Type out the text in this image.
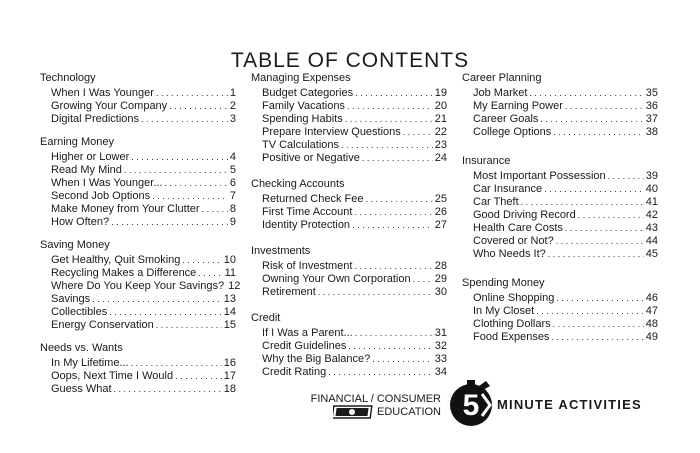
TABLE OF CONTENTS
Technology
When I Was Younger . . .	1
Growing Your Company . . .	2
Digital Predictions . . .	3
Earning Money
Higher or Lower . . .	4
Read My Mind . . .	5
When I Was Younger... . . .	6
Second Job Options . . .	7
Make Money from Your Clutter . . .	8
How Often? . . .	9
Saving Money
Get Healthy, Quit Smoking . . .	10
Recycling Makes a Difference . . .	11
Where Do You Keep Your Savings? 12
Savings . . .	13
Collectibles . . .	14
Energy Conservation . . .	15
Needs vs. Wants
In My Lifetime... . . .	16
Oops, Next Time I Would . . .	17
Guess What . . .	18
Managing Expenses
Budget Categories . . .	19
Family Vacations . . .	20
Spending Habits . . .	21
Prepare Interview Questions . . .	22
TV Calculations . . .	23
Positive or Negative . . .	24
Checking Accounts
Returned Check Fee . . .	25
First Time Account . . .	26
Identity Protection . . .	27
Investments
Risk of Investment . . .	28
Owning Your Own Corporation . . . 29
Retirement . . .	30
Credit
If I Was a Parent... . . .	31
Credit Guidelines . . .	32
Why the Big Balance? . . .	33
Credit Rating . . .	34
Career Planning
Job Market . . .	35
My Earning Power . . .	36
Career Goals . . .	37
College Options . . .	38
Insurance
Most Important Possession . . .	39
Car Insurance . . .	40
Car Theft . . .	41
Good Driving Record . . .	42
Health Care Costs . . .	43
Covered or Not? . . .	44
Who Needs It? . . .	45
Spending Money
Online Shopping . . .	46
In My Closet . . .	47
Clothing Dollars . . .	48
Food Expenses . . .	49
FINANCIAL / CONSUMER
EDUCATION 5 MINUTE ACTIVITIES
